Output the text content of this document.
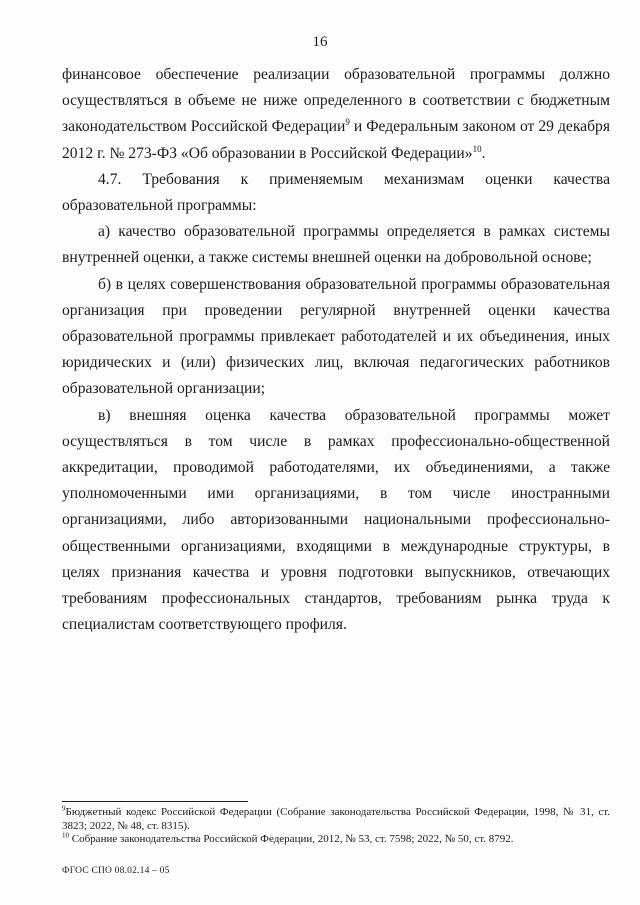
16

финансовое обеспечение реализации образовательной программы должно осуществляться в объеме не ниже определенного в соответствии с бюджетным законодательством Российской Федерации$^9$ и Федеральным законом от 29 декабря 2012 г. № 273-ФЗ «Об образовании в Российской Федерации»$^{10}$.

4.7. Требования к применяемым механизмам оценки качества образовательной программы:

а) качество образовательной программы определяется в рамках системы внутренней оценки, а также системы внешней оценки на добровольной основе;

б) в целях совершенствования образовательной программы образовательная организация при проведении регулярной внутренней оценки качества образовательной программы привлекает работодателей и их объединения, иных юридических и (или) физических лиц, включая педагогических работников образовательной организации;

в) внешняя оценка качества образовательной программы может осуществляться в том числе в рамках профессионально-общественной аккредитации, проводимой работодателями, их объединениями, а также уполномоченными ими организациями, в том числе иностранными организациями, либо авторизованными национальными профессионально-общественными организациями, входящими в международные структуры, в целях признания качества и уровня подготовки выпускников, отвечающих требованиям профессиональных стандартов, требованиям рынка труда к специалистам соответствующего профиля.

$^9$Бюджетный кодекс Российской Федерации (Собрание законодательства Российской Федерации, 1998, № 31, ст. 3823; 2022, № 48, ст. 8315).

$^{10}$ Собрание законодательства Российской Федерации, 2012, № 53, ст. 7598; 2022, № 50, ст. 8792.

ФГОС СПО 08.02.14 – 05
